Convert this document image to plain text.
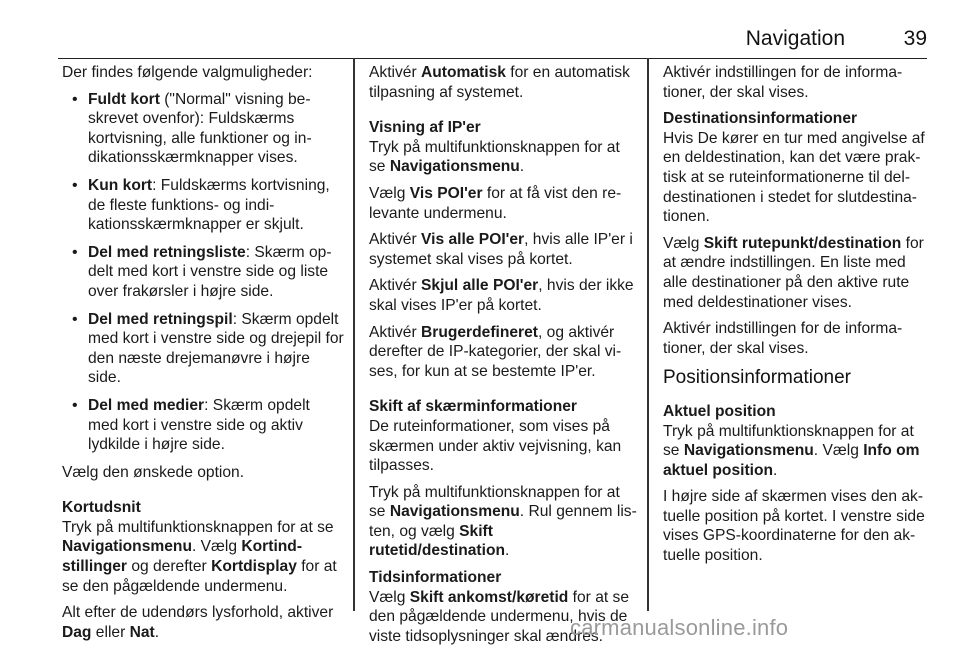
Navigation	39

Der findes følgende valgmuligheder:

• Fuldt kort ("Normal" visning beskrevet ovenfor): Fuldskærms kortvisning, alle funktioner og indikationsskærmknapper vises.
• Kun kort: Fuldskærms kortvisning, de fleste funktions- og indikationsskærmknapper er skjult.
• Del med retningsliste: Skærm opdelt med kort i venstre side og liste over frakørsler i højre side.
• Del med retningspil: Skærm opdelt med kort i venstre side og drejepil for den næste drejemanøvre i højre side.
• Del med medier: Skærm opdelt med kort i venstre side og aktiv lydkilde i højre side.

Vælg den ønskede option.

Kortudsnit

Tryk på multifunktionsknappen for at se Navigationsmenu. Vælg Kortindstillinger og derefter Kortdisplay for at se den pågældende undermenu.

Alt efter de udendørs lysforhold, aktiver Dag eller Nat.

Aktivér Automatisk for en automatisk tilpasning af systemet.

Visning af IP'er

Tryk på multifunktionsknappen for at se Navigationsmenu.

Vælg Vis POI'er for at få vist den relevante undermenu.

Aktivér Vis alle POI'er, hvis alle IP'er i systemet skal vises på kortet.

Aktivér Skjul alle POI'er, hvis der ikke skal vises IP'er på kortet.

Aktivér Brugerdefineret, og aktivér derefter de IP-kategorier, der skal vises, for kun at se bestemte IP'er.

Skift af skærminformationer

De ruteinformationer, som vises på skærmen under aktiv vejvisning, kan tilpasses.

Tryk på multifunktionsknappen for at se Navigationsmenu. Rul gennem listen, og vælg Skift rutetid/destination.

Tidsinformationer

Vælg Skift ankomst/køretid for at se den pågældende undermenu, hvis de viste tidsoplysninger skal ændres.

Aktivér indstillingen for de informationer, der skal vises.

Destinationsinformationer

Hvis De kører en tur med angivelse af en deldestination, kan det være praktisk at se ruteinformationerne til deldestinationen i stedet for slutdestinationen.

Vælg Skift rutepunkt/destination for at ændre indstillingen. En liste med alle destinationer på den aktive rute med deldestinationer vises.

Aktivér indstillingen for de informationer, der skal vises.

Positionsinformationer

Aktuel position

Tryk på multifunktionsknappen for at se Navigationsmenu. Vælg Info om aktuel position.

I højre side af skærmen vises den aktuelle position på kortet. I venstre side vises GPS-koordinaterne for den aktuelle position.

carmanualsonline.info
